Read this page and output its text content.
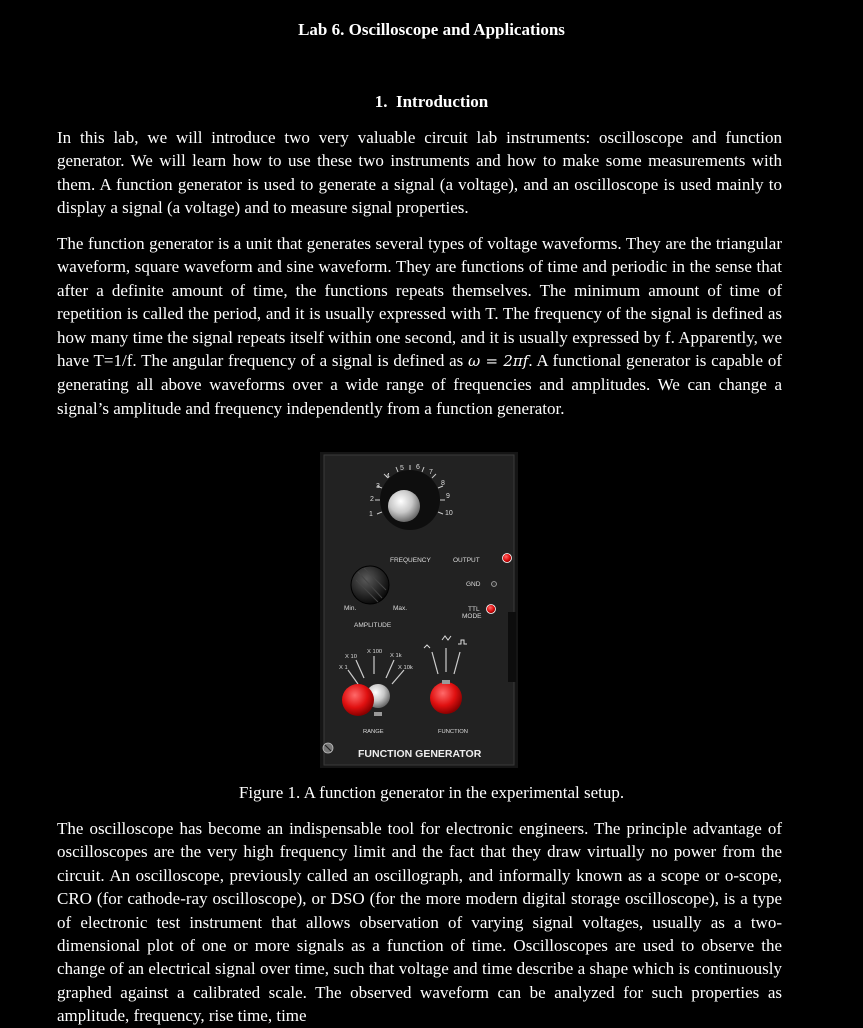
Lab 6. Oscilloscope and Applications
1.  Introduction

In this lab, we will introduce two very valuable circuit lab instruments: oscilloscope and function generator. We will learn how to use these two instruments and how to make some measurements with them. A function generator is used to generate a signal (a voltage), and an oscilloscope is used mainly to display a signal (a voltage) and to measure signal properties.

The function generator is a unit that generates several types of voltage waveforms. They are the triangular waveform, square waveform and sine waveform. They are functions of time and periodic in the sense that after a definite amount of time, the functions repeats themselves. The minimum amount of time of repetition is called the period, and it is usually expressed with T. The frequency of the signal is defined as how many time the signal repeats itself within one second, and it is usually expressed by f. Apparently, we have T=1/f. The angular frequency of a signal is defined as ω = 2πf. A functional generator is capable of generating all above waveforms over a wide range of frequencies and amplitudes. We can change a signal’s amplitude and frequency independently from a function generator.

1
2
3
4
5 6
7
8
9
10
FREQUENCY	OUTPUT
GND
TTL
MODE
Min.	Max.
AMPLITUDE
X 1
X 10
X 100
X 1k
X 10k
RANGE	FUNCTION
FUNCTION GENERATOR
Figure 1. A function generator in the experimental setup.

The oscilloscope has become an indispensable tool for electronic engineers. The principle advantage of oscilloscopes are the very high frequency limit and the fact that they draw virtually no power from the circuit. An oscilloscope, previously called an oscillograph, and informally known as a scope or o-scope, CRO (for cathode-ray oscilloscope), or DSO (for the more modern digital storage oscilloscope), is a type of electronic test instrument that allows observation of varying signal voltages, usually as a two-dimensional plot of one or more signals as a function of time. Oscilloscopes are used to observe the change of an electrical signal over time, such that voltage and time describe a shape which is continuously graphed against a calibrated scale. The observed waveform can be analyzed for such properties as amplitude, frequency, rise time, time
